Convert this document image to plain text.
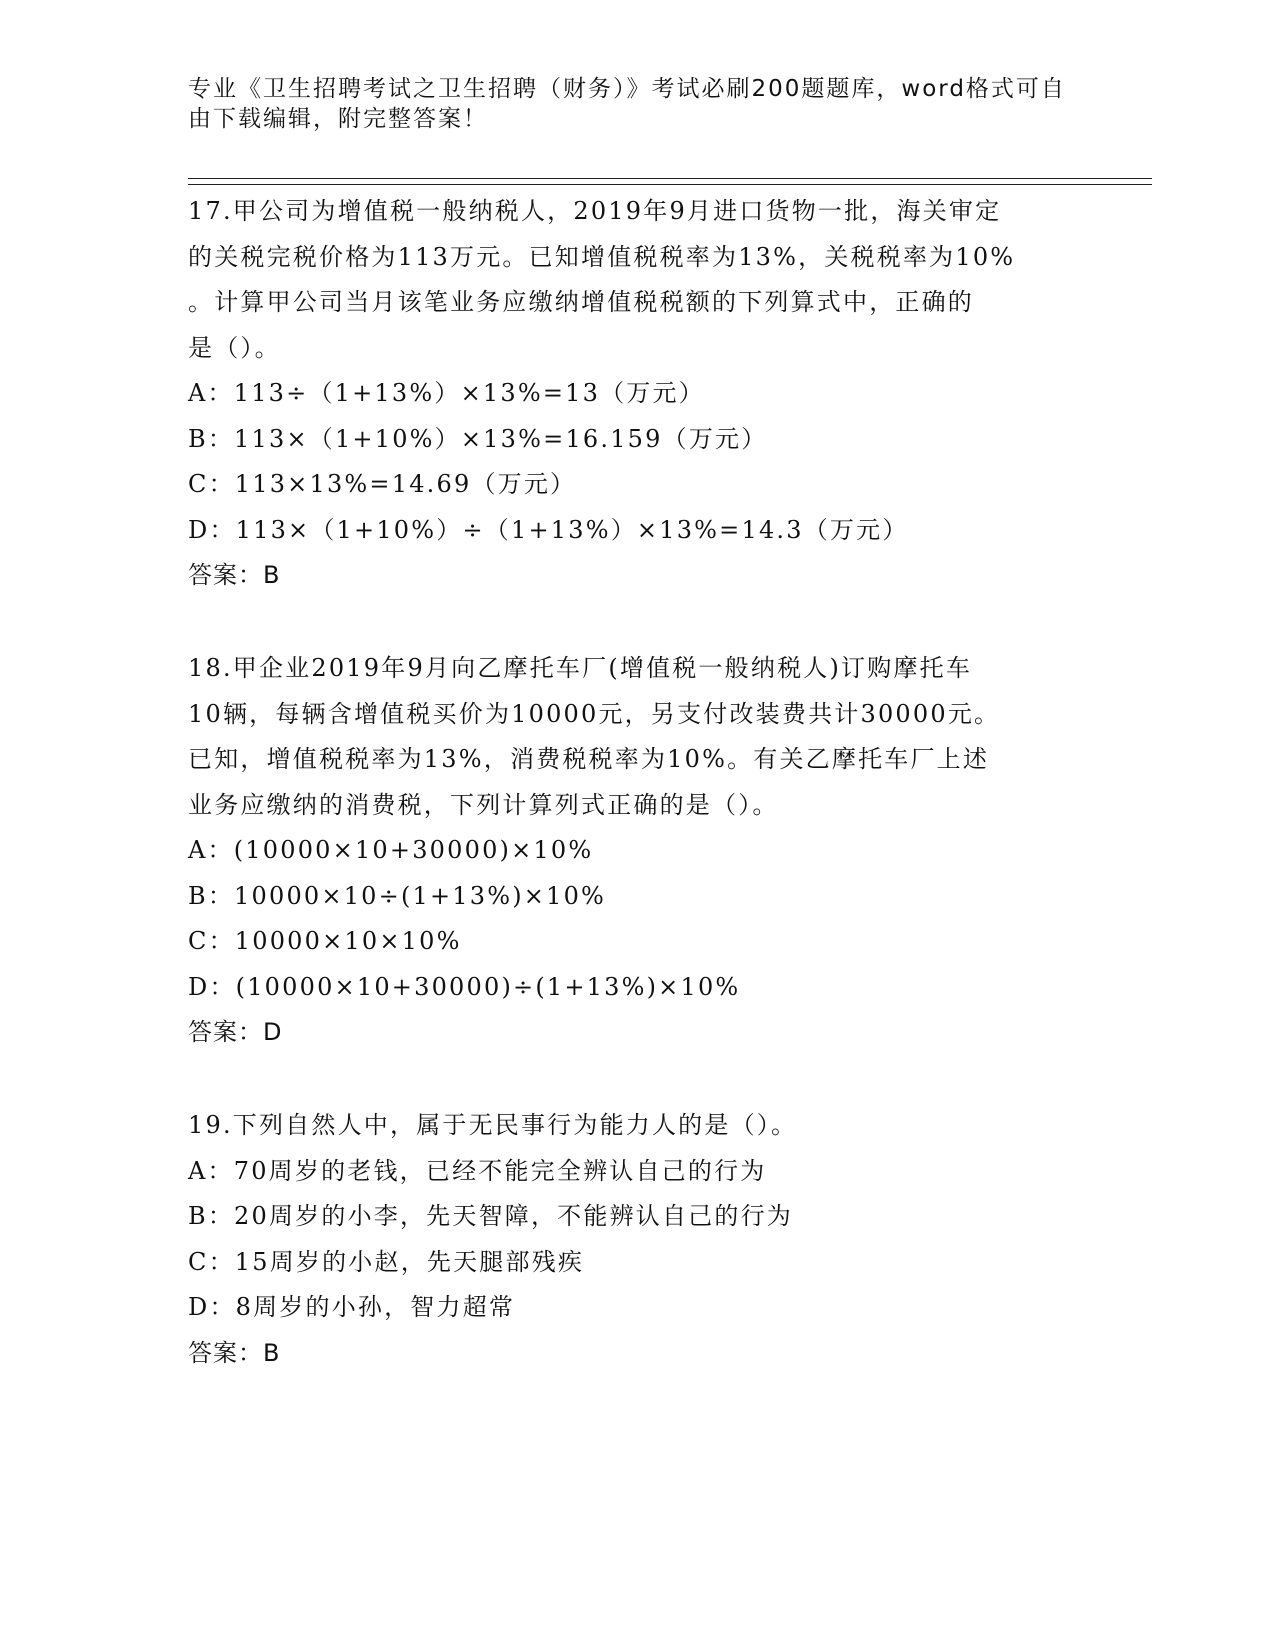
专业《卫生招聘考试之卫生招聘（财务）》考试必刷200题题库，word格式可自
由下载编辑，附完整答案！
17.甲公司为增值税一般纳税人，2019年9月进口货物一批，海关审定
的关税完税价格为113万元。已知增值税税率为13%，关税税率为10%
。计算甲公司当月该笔业务应缴纳增值税税额的下列算式中，正确的
是（）。
A：113÷（1+13%）×13%=13（万元）
B：113×（1+10%）×13%=16.159（万元）
C：113×13%=14.69（万元）
D：113×（1+10%）÷（1+13%）×13%=14.3（万元）
答案：B
18.甲企业2019年9月向乙摩托车厂(增值税一般纳税人)订购摩托车
10辆，每辆含增值税买价为10000元，另支付改装费共计30000元。
已知，增值税税率为13%，消费税税率为10%。有关乙摩托车厂上述
业务应缴纳的消费税，下列计算列式正确的是（）。
A：(10000×10+30000)×10%
B：10000×10÷(1+13%)×10%
C：10000×10×10%
D：(10000×10+30000)÷(1+13%)×10%
答案：D
19.下列自然人中，属于无民事行为能力人的是（）。
A：70周岁的老钱，已经不能完全辨认自己的行为
B：20周岁的小李，先天智障，不能辨认自己的行为
C：15周岁的小赵，先天腿部残疾
D：8周岁的小孙，智力超常
答案：B
